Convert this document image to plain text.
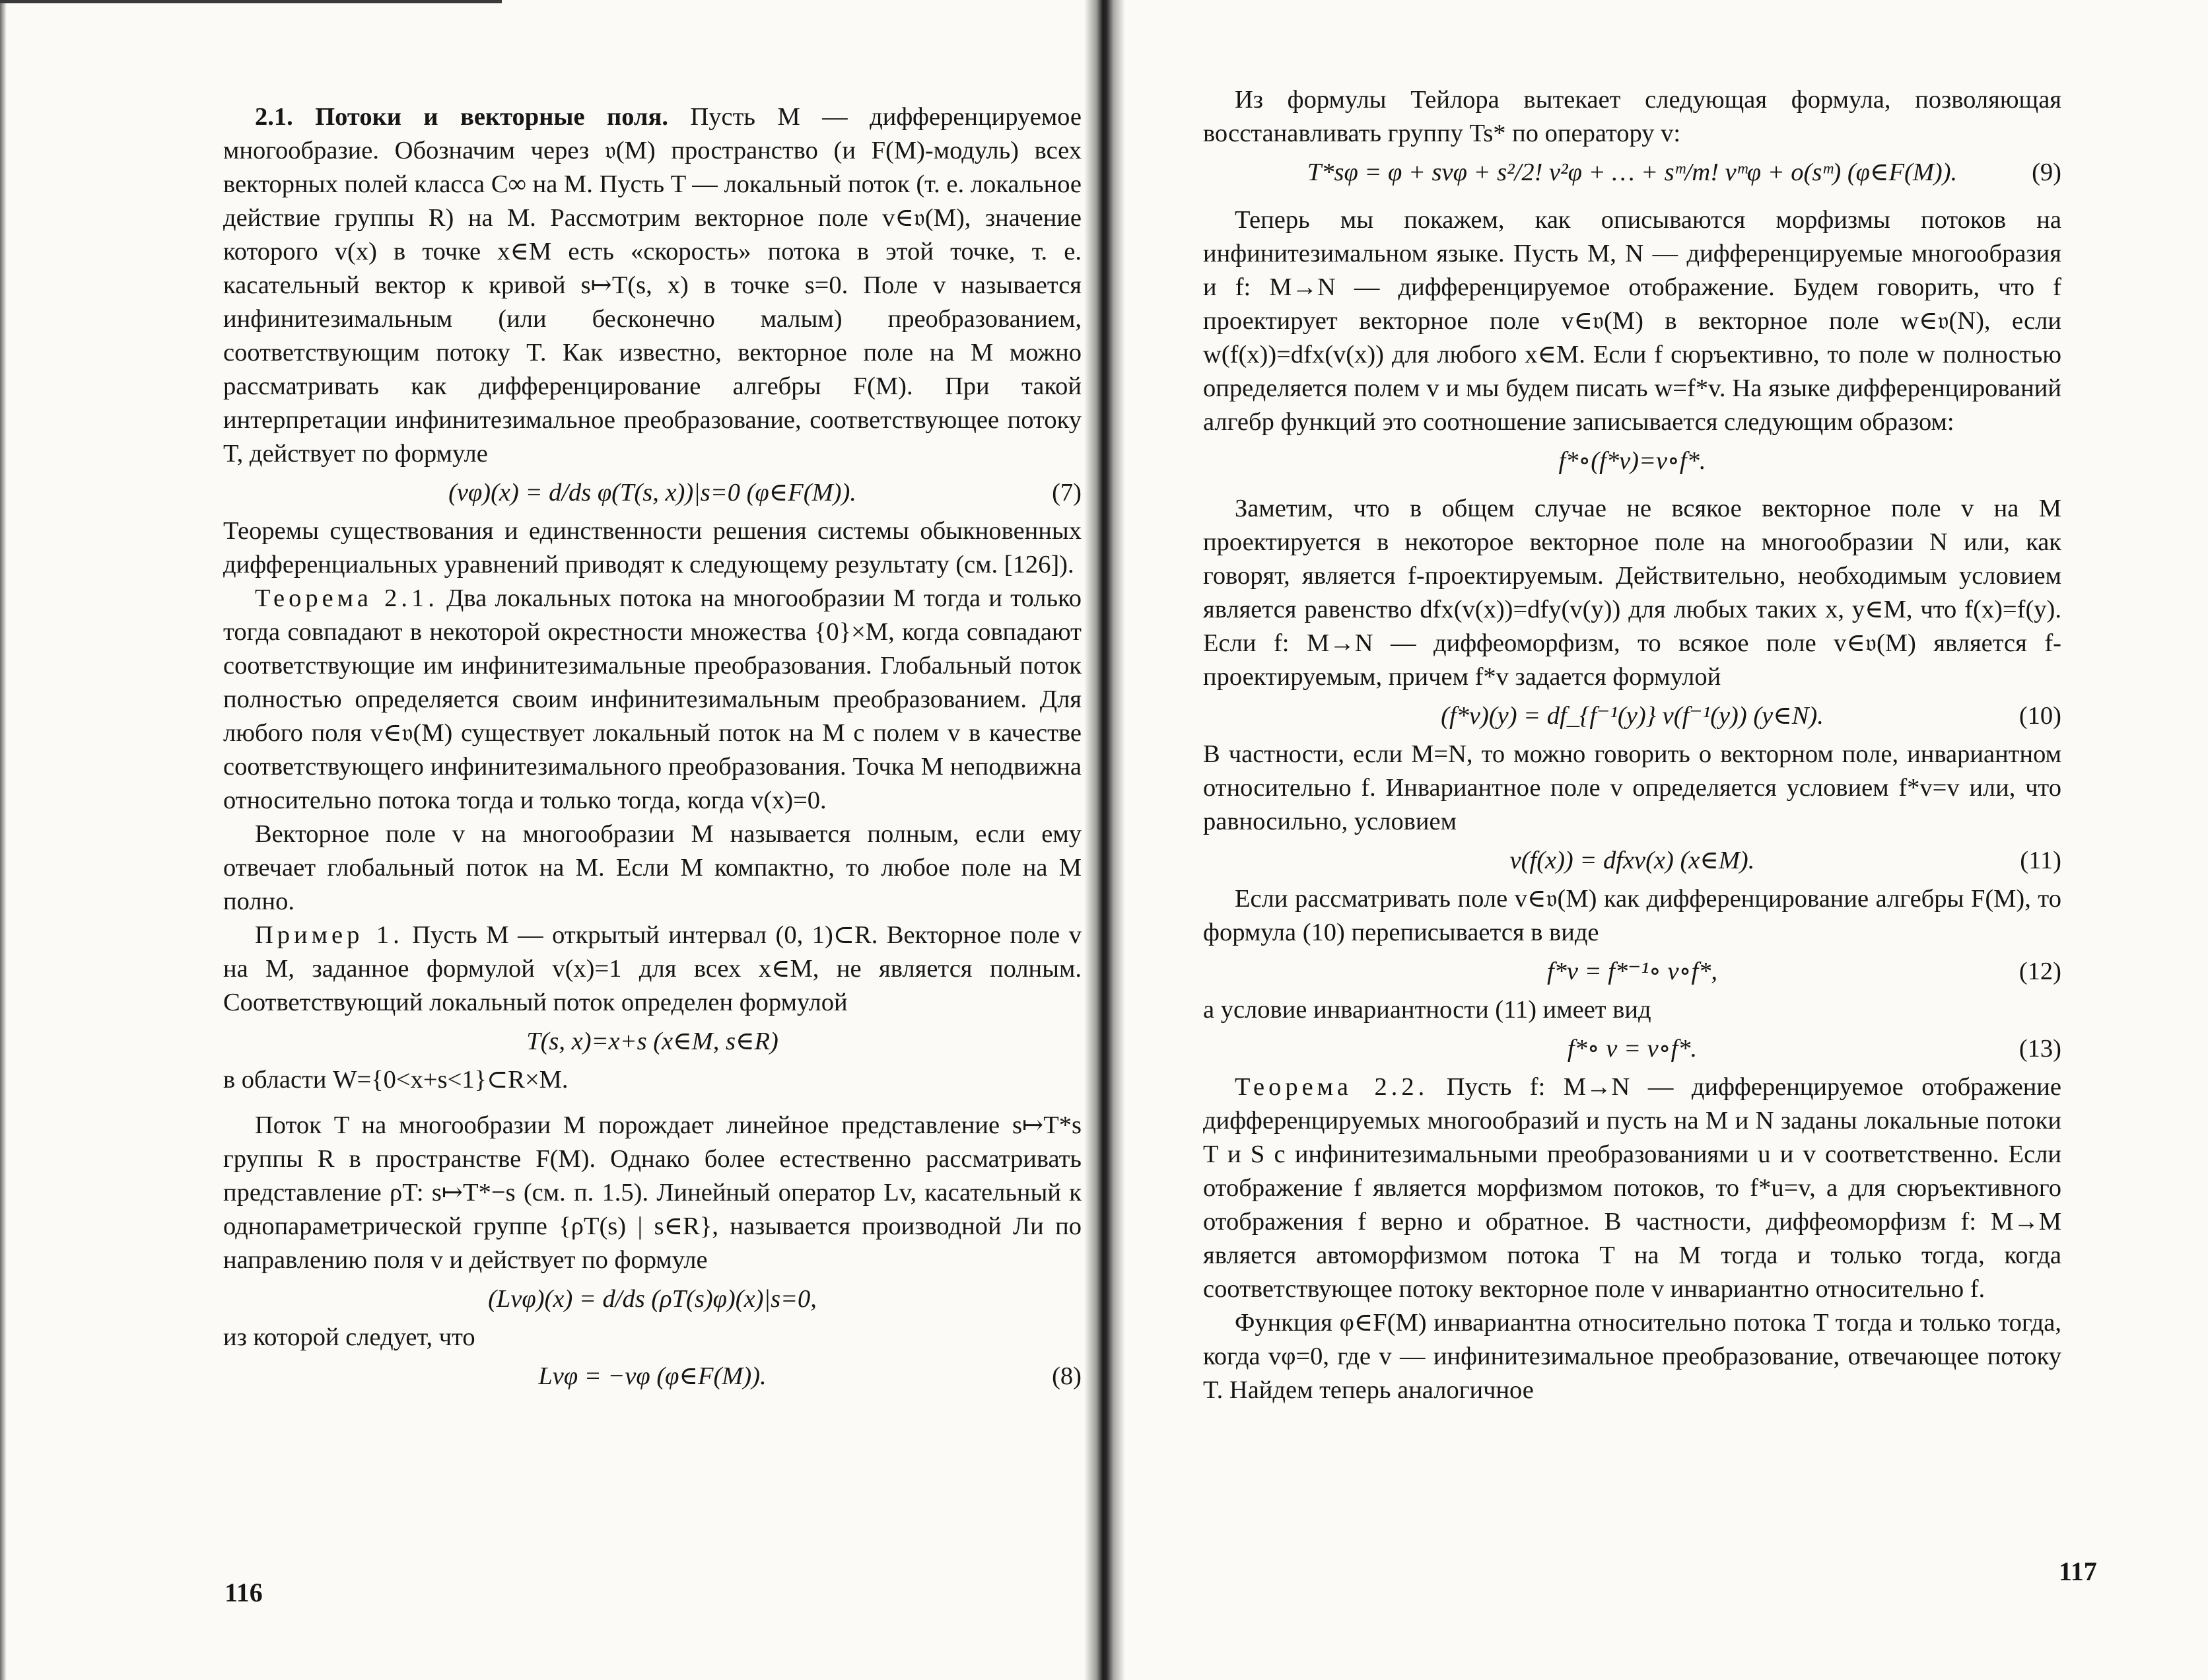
2.1. Потоки и векторные поля. Пусть M — дифференцируемое многообразие. Обозначим через 𝔳(M) пространство (и F(M)-модуль) всех векторных полей класса C∞ на M. Пусть T — локальный поток (т. е. локальное действие группы R) на M. Рассмотрим векторное поле v∈𝔳(M), значение которого v(x) в точке x∈M есть «скорость» потока в этой точке, т. е. касательный вектор к кривой s↦T(s, x) в точке s=0. Поле v называется инфинитезимальным (или бесконечно малым) преобразованием, соответствующим потоку T. Как известно, векторное поле на M можно рассматривать как дифференцирование алгебры F(M). При такой интерпретации инфинитезимальное преобразование, соответствующее потоку T, действует по формуле

(vφ)(x) = d/ds φ(T(s, x))|s=0 (φ∈F(M)).	(7)

Теоремы существования и единственности решения системы обыкновенных дифференциальных уравнений приводят к следующему результату (см. [126]).

Теорема 2.1. Два локальных потока на многообразии M тогда и только тогда совпадают в некоторой окрестности множества {0}×M, когда совпадают соответствующие им инфинитезимальные преобразования. Глобальный поток полностью определяется своим инфинитезимальным преобразованием. Для любого поля v∈𝔳(M) существует локальный поток на M с полем v в качестве соответствующего инфинитезимального преобразования. Точка M неподвижна относительно потока тогда и только тогда, когда v(x)=0.

Векторное поле v на многообразии M называется полным, если ему отвечает глобальный поток на M. Если M компактно, то любое поле на M полно.

Пример 1. Пусть M — открытый интервал (0, 1)⊂R. Векторное поле v на M, заданное формулой v(x)=1 для всех x∈M, не является полным. Соответствующий локальный поток определен формулой

T(s, x)=x+s (x∈M, s∈R)

в области W={0<x+s<1}⊂R×M.

Поток T на многообразии M порождает линейное представление s↦T*s группы R в пространстве F(M). Однако более естественно рассматривать представление ρT: s↦T*−s (см. п. 1.5). Линейный оператор Lv, касательный к однопараметрической группе {ρT(s) | s∈R}, называется производной Ли по направлению поля v и действует по формуле

(Lvφ)(x) = d/ds (ρT(s)φ)(x)|s=0,

из которой следует, что

Lvφ = −vφ (φ∈F(M)).	(8)
116

Из формулы Тейлора вытекает следующая формула, позволяющая восстанавливать группу Ts* по оператору v:

T*sφ = φ + svφ + s²/2! v²φ + … + sᵐ/m! vᵐφ + o(sᵐ) (φ∈F(M)).	(9)

Теперь мы покажем, как описываются морфизмы потоков на инфинитезимальном языке. Пусть M, N — дифференцируемые многообразия и f: M→N — дифференцируемое отображение. Будем говорить, что f проектирует векторное поле v∈𝔳(M) в векторное поле w∈𝔳(N), если w(f(x))=dfx(v(x)) для любого x∈M. Если f сюръективно, то поле w полностью определяется полем v и мы будем писать w=f*v. На языке дифференцирований алгебр функций это соотношение записывается следующим образом:

f*∘(f*v)=v∘f*.

Заметим, что в общем случае не всякое векторное поле v на M проектируется в некоторое векторное поле на многообразии N или, как говорят, является f-проектируемым. Действительно, необходимым условием является равенство dfx(v(x))=dfy(v(y)) для любых таких x, y∈M, что f(x)=f(y). Если f: M→N — диффеоморфизм, то всякое поле v∈𝔳(M) является f-проектируемым, причем f*v задается формулой

(f*v)(y) = df_{f⁻¹(y)} v(f⁻¹(y)) (y∈N).	(10)

В частности, если M=N, то можно говорить о векторном поле, инвариантном относительно f. Инвариантное поле v определяется условием f*v=v или, что равносильно, условием

v(f(x)) = dfxv(x) (x∈M).	(11)

Если рассматривать поле v∈𝔳(M) как дифференцирование алгебры F(M), то формула (10) переписывается в виде

f*v = f*⁻¹∘ v∘f*,	(12)

а условие инвариантности (11) имеет вид

f*∘ v = v∘f*.	(13)

Теорема 2.2. Пусть f: M→N — дифференцируемое отображение дифференцируемых многообразий и пусть на M и N заданы локальные потоки T и S с инфинитезимальными преобразованиями u и v соответственно. Если отображение f является морфизмом потоков, то f*u=v, а для сюръективного отображения f верно и обратное. В частности, диффеоморфизм f: M→M является автоморфизмом потока T на M тогда и только тогда, когда соответствующее потоку векторное поле v инвариантно относительно f.

Функция φ∈F(M) инвариантна относительно потока T тогда и только тогда, когда vφ=0, где v — инфинитезимальное преобразование, отвечающее потоку T. Найдем теперь аналогичное

117
